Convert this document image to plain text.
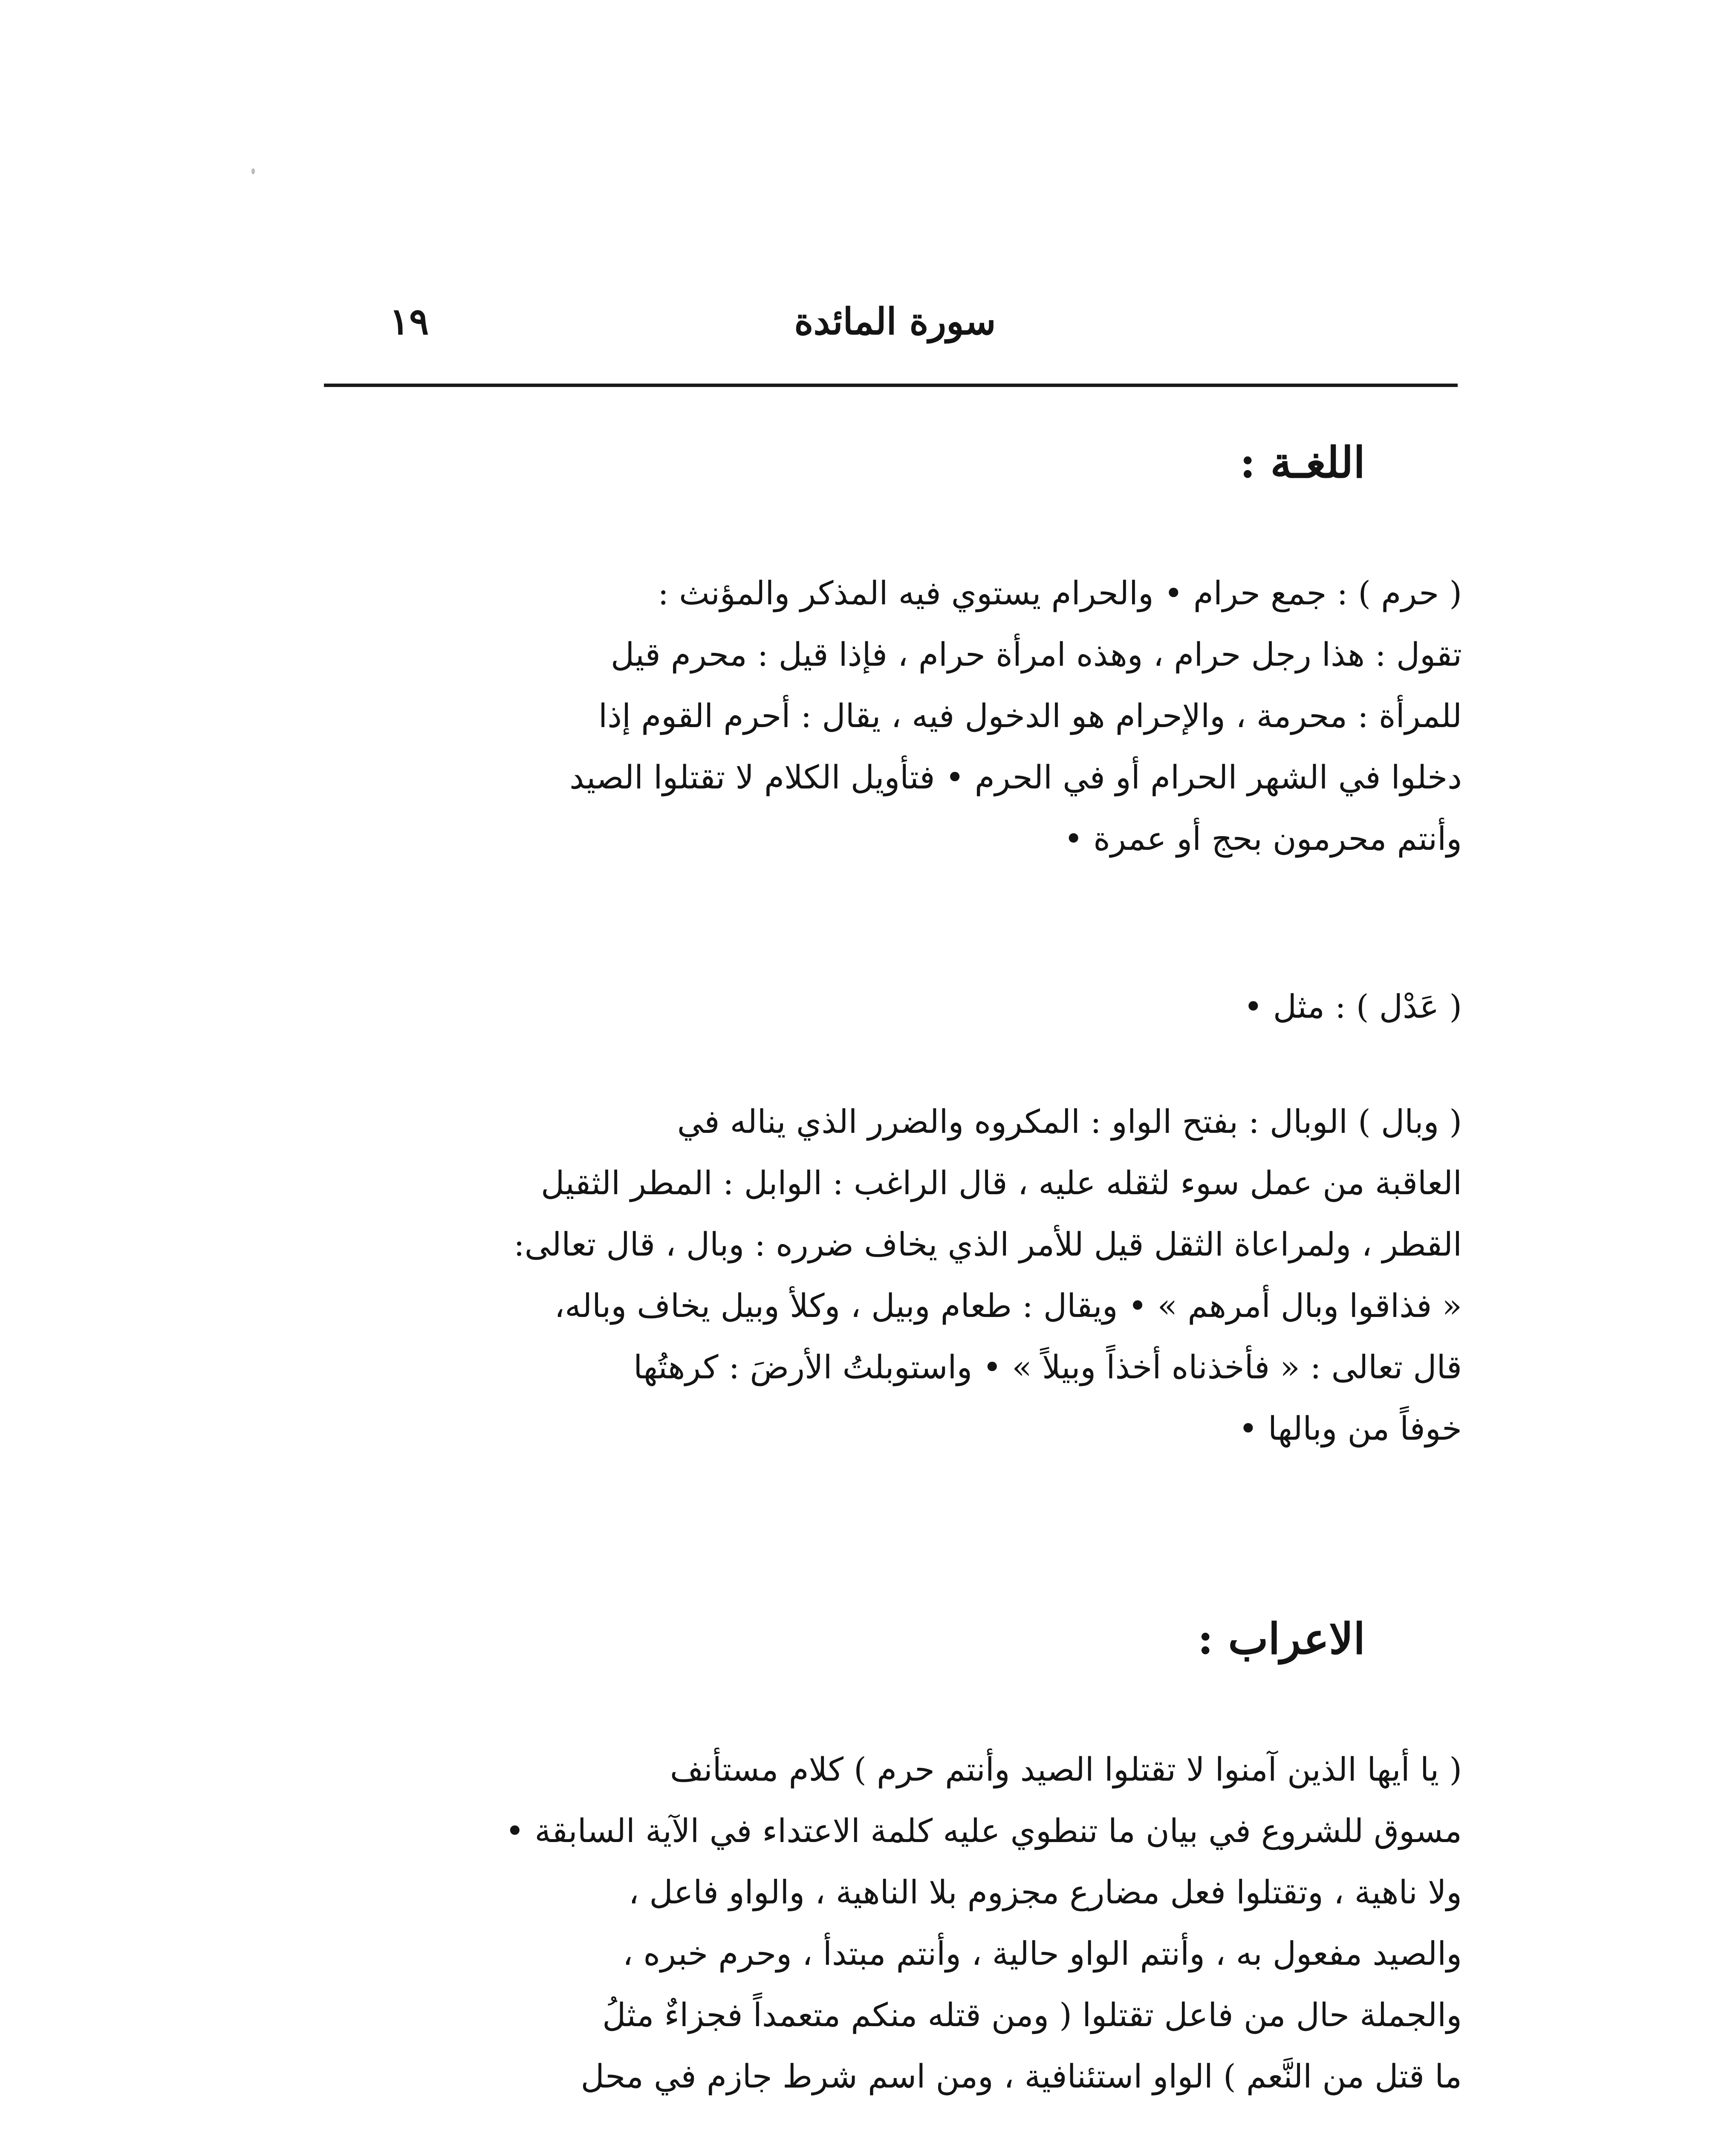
١٩	سورة المائدة
اللغـة :
( حرم ) : جمع حرام • والحرام يستوي فيه المذكر والمؤنث :
تقول : هذا رجل حرام ، وهذه امرأة حرام ، فإذا قيل : محرم قيل
للمرأة : محرمة ، والإحرام هو الدخول فيه ، يقال : أحرم القوم إذا
دخلوا في الشهر الحرام أو في الحرم • فتأويل الكلام لا تقتلوا الصيد
وأنتم محرمون بحج أو عمرة •
( عَدْل ) : مثل •
( وبال ) الوبال : بفتح الواو : المكروه والضرر الذي يناله في
العاقبة من عمل سوء لثقله عليه ، قال الراغب : الوابل : المطر الثقيل
القطر ، ولمراعاة الثقل قيل للأمر الذي يخاف ضرره : وبال ، قال تعالى:
« فذاقوا وبال أمرهم » • ويقال : طعام وبيل ، وكلأ وبيل يخاف وباله،
قال تعالى : « فأخذناه أخذاً وبيلاً » • واستوبلتُ الأرضَ : كرهتُها
خوفاً من وبالها •
الاعراب :
( يا أيها الذين آمنوا لا تقتلوا الصيد وأنتم حرم ) كلام مستأنف
مسوق للشروع في بيان ما تنطوي عليه كلمة الاعتداء في الآية السابقة •
ولا ناهية ، وتقتلوا فعل مضارع مجزوم بلا الناهية ، والواو فاعل ،
والصيد مفعول به ، وأنتم الواو حالية ، وأنتم مبتدأ ، وحرم خبره ،
والجملة حال من فاعل تقتلوا ( ومن قتله منكم متعمداً فجزاءٌ مثلُ
ما قتل من النَّعم ) الواو استئنافية ، ومن اسم شرط جازم في محل
